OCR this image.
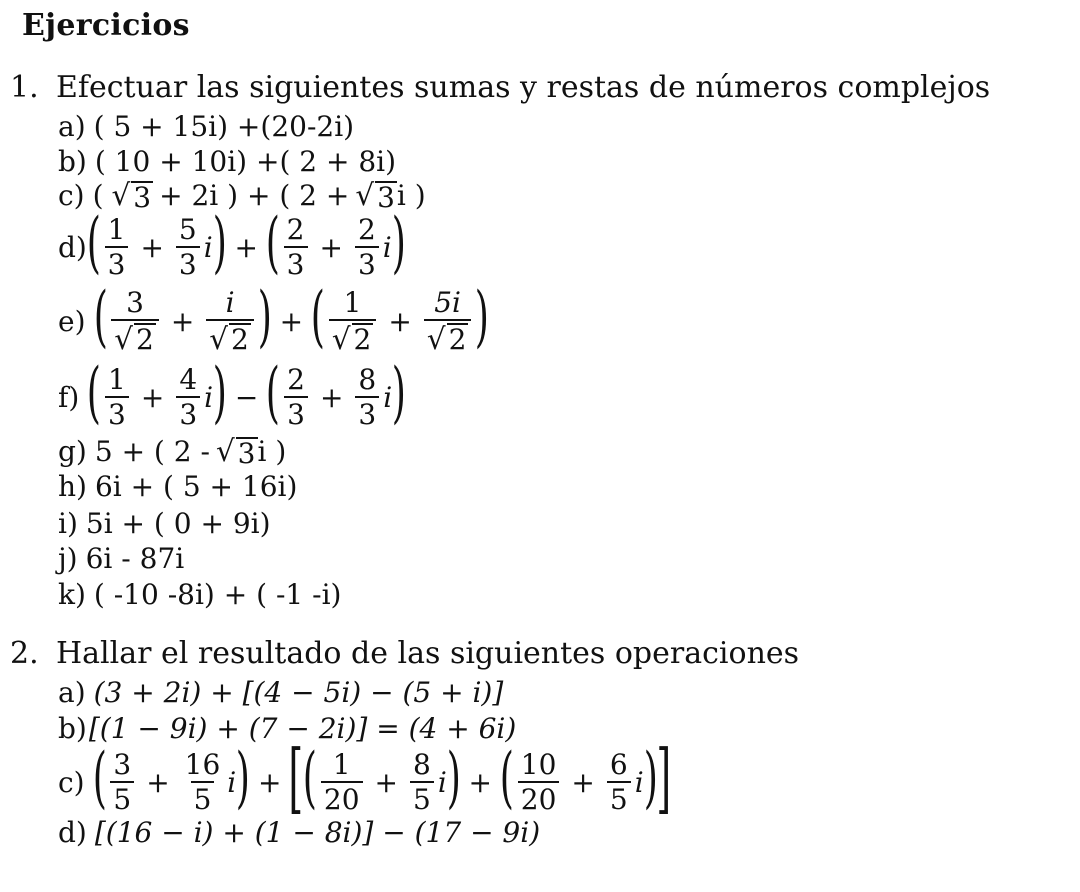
Ejercicios
1. Efectuar las siguientes sumas y restas de números complejos
a) ( 5 + 15i) +(20-2i)
b) ( 10 + 10i) +( 2 + 8i)
c) ( √ 3 + 2i ) + ( 2 + √ 3 i )
d) ( $\frac{1}{3} + \frac{5}{3}$ i ) + ( $\frac{2}{3} + \frac{2}{3}$ i )
e) ( $\frac{3}{√ 2} + \frac{i}{√ 2}$ ) + ( $\frac{1}{√ 2} + \frac{5i}{√ 2}$ )
f) ( $\frac{1}{3} + \frac{4}{3}$ i ) − ( $\frac{2}{3} + \frac{8}{3}$ i )
g) 5 + ( 2 - √ 3 i )
h) 6i + ( 5 + 16i)
i) 5i + ( 0 + 9i)
j) 6i - 87i
k) ( -10 -8i) + ( -1 -i)
2. Hallar el resultado de las siguientes operaciones
a) (3 + 2i) + [(4 − 5i) − (5 + i)]
b) [(1 − 9i) + (7 − 2i)] = (4 + 6i)
c) ( $\frac{3}{5} + \frac{16}{5}$ i ) + [ ( $\frac{1}{20} + \frac{8}{5}$ i ) + ( $\frac{10}{20} + \frac{6}{5}$ i ) ]
d) [(16 − i) + (1 − 8i)] − (17 − 9i)
